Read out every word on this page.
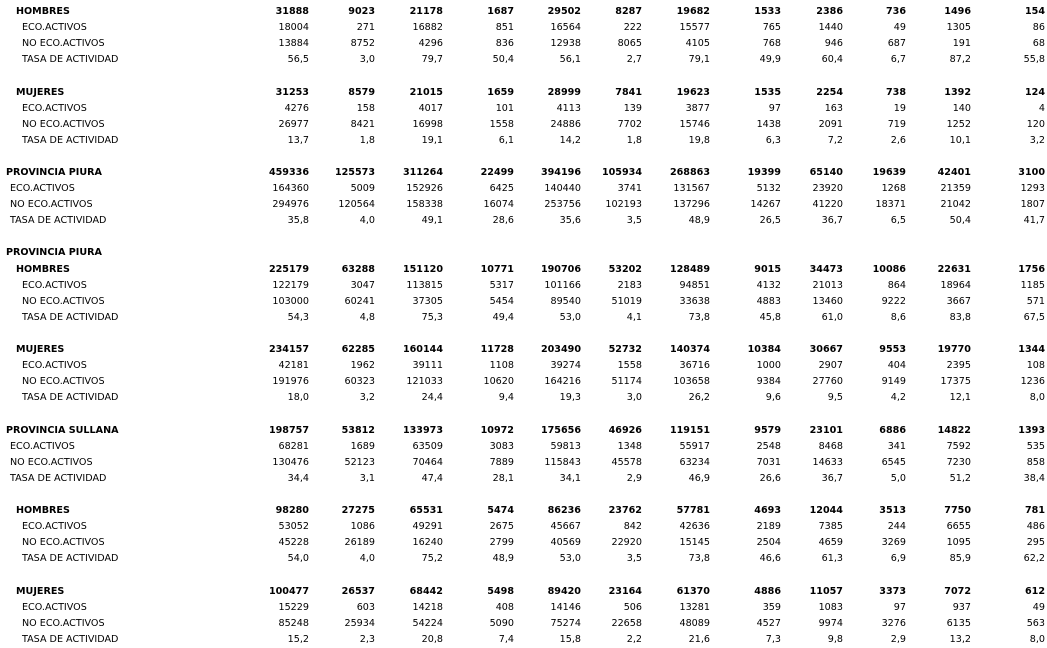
HOMBRES	31888	9023	21178	1687	29502	8287	19682	1533	2386	736	1496	154
ECO.ACTIVOS	18004	271	16882	851	16564	222	15577	765	1440	49	1305	86
NO ECO.ACTIVOS	13884	8752	4296	836	12938	8065	4105	768	946	687	191	68
TASA DE ACTIVIDAD	56,5	3,0	79,7	50,4	56,1	2,7	79,1	49,9	60,4	6,7	87,2	55,8
MUJERES	31253	8579	21015	1659	28999	7841	19623	1535	2254	738	1392	124
ECO.ACTIVOS	4276	158	4017	101	4113	139	3877	97	163	19	140	4
NO ECO.ACTIVOS	26977	8421	16998	1558	24886	7702	15746	1438	2091	719	1252	120
TASA DE ACTIVIDAD	13,7	1,8	19,1	6,1	14,2	1,8	19,8	6,3	7,2	2,6	10,1	3,2
PROVINCIA PIURA	459336	125573	311264	22499	394196 105934	268863	19399	65140	19639	42401	3100
ECO.ACTIVOS	164360	5009	152926	6425	140440	3741	131567	5132	23920	1268	21359	1293
NO ECO.ACTIVOS	294976	120564	158338	16074	253756	102193	137296	14267	41220	18371	21042	1807
TASA DE ACTIVIDAD	35,8	4,0	49,1	28,6	35,6	3,5	48,9	26,5	36,7	6,5	50,4	41,7
PROVINCIA PIURA
HOMBRES	225179	63288	151120	10771	190706	53202	128489	9015	34473	10086	22631	1756
ECO.ACTIVOS	122179	3047	113815	5317	101166	2183	94851	4132	21013	864	18964	1185
NO ECO.ACTIVOS	103000	60241	37305	5454	89540	51019	33638	4883	13460	9222	3667	571
TASA DE ACTIVIDAD	54,3	4,8	75,3	49,4	53,0	4,1	73,8	45,8	61,0	8,6	83,8	67,5
MUJERES	234157	62285	160144	11728	203490	52732	140374	10384	30667	9553	19770	1344
ECO.ACTIVOS	42181	1962	39111	1108	39274	1558	36716	1000	2907	404	2395	108
NO ECO.ACTIVOS	191976	60323	121033	10620	164216	51174	103658	9384	27760	9149	17375	1236
TASA DE ACTIVIDAD	18,0	3,2	24,4	9,4	19,3	3,0	26,2	9,6	9,5	4,2	12,1	8,0
PROVINCIA SULLANA	198757	53812	133973	10972	175656	46926	119151	9579	23101	6886	14822	1393
ECO.ACTIVOS	68281	1689	63509	3083	59813	1348	55917	2548	8468	341	7592	535
NO ECO.ACTIVOS	130476	52123	70464	7889	115843	45578	63234	7031	14633	6545	7230	858
TASA DE ACTIVIDAD	34,4	3,1	47,4	28,1	34,1	2,9	46,9	26,6	36,7	5,0	51,2	38,4
HOMBRES	98280	27275	65531	5474	86236	23762	57781	4693	12044	3513	7750	781
ECO.ACTIVOS	53052	1086	49291	2675	45667	842	42636	2189	7385	244	6655	486
NO ECO.ACTIVOS	45228	26189	16240	2799	40569	22920	15145	2504	4659	3269	1095	295
TASA DE ACTIVIDAD	54,0	4,0	75,2	48,9	53,0	3,5	73,8	46,6	61,3	6,9	85,9	62,2
MUJERES	100477	26537	68442	5498	89420	23164	61370	4886	11057	3373	7072	612
ECO.ACTIVOS	15229	603	14218	408	14146	506	13281	359	1083	97	937	49
NO ECO.ACTIVOS	85248	25934	54224	5090	75274	22658	48089	4527	9974	3276	6135	563
TASA DE ACTIVIDAD	15,2	2,3	20,8	7,4	15,8	2,2	21,6	7,3	9,8	2,9	13,2	8,0
